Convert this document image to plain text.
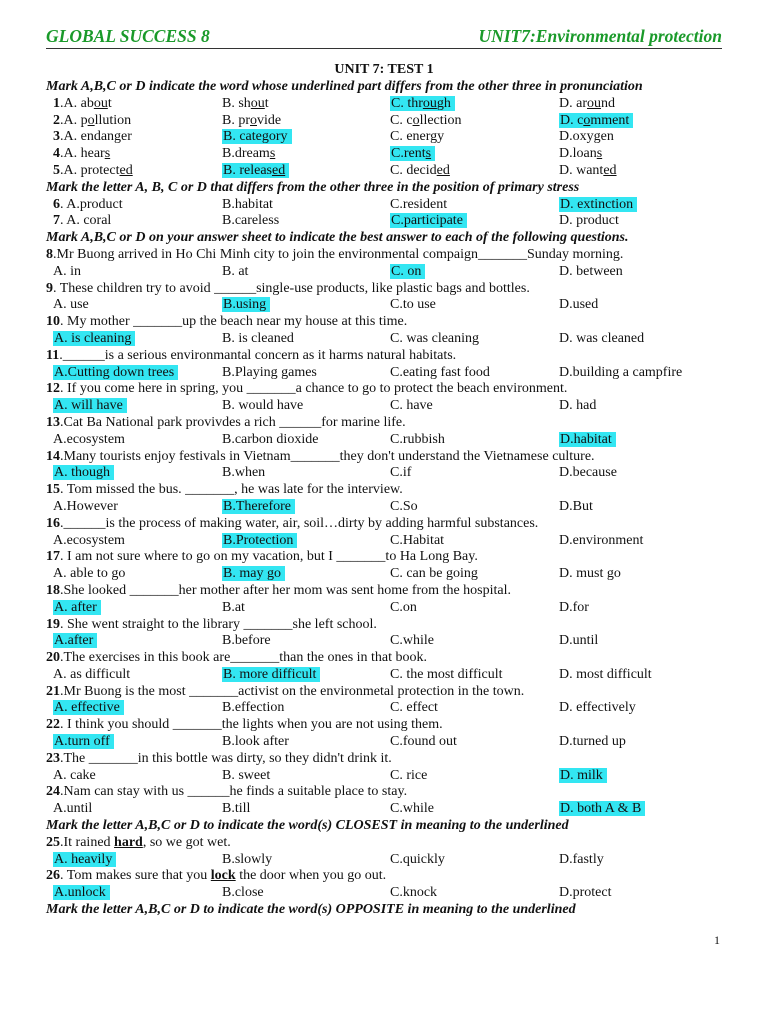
GLOBAL SUCCESS 8	UNIT7:Environmental protection
UNIT 7: TEST 1
Mark A,B,C or D indicate the word whose underlined part differs from the other three in pronunciation
1.A. about	B. shout	C. through	D. around
2.A. pollution	B. provide	C. collection	D. comment
3.A. endanger	B. category	C. energy	D.oxygen
4.A. hears	B.dreams	C.rents	D.loans
5.A. protected	B. released	C. decided	D. wanted
Mark the letter A, B, C or D that differs from the other three in the position of primary stress
6. A.product	B.habitat	C.resident	D. extinction
7. A. coral	B.careless	C.participate	D. product
Mark A,B,C or D on your answer sheet to indicate the best answer to each of the following questions.
8.Mr Buong arrived in Ho Chi Minh city to join the environmental compaign_______Sunday morning.
A. in	B. at	C. on	D. between
9. These children try to avoid ______single-use products, like plastic bags and bottles.
A. use	B.using	C.to use	D.used
10. My mother _______up the beach near my house at this time.
A. is cleaning	B. is cleaned	C. was cleaning	D. was cleaned
11.______is a serious environmantal concern as it harms natural habitats.
A.Cutting down trees	B.Playing games	C.eating fast food	D.building a campfire
12. If you come here in spring, you _______a chance to go to protect the beach environment.
A. will have	B. would have	C. have	D. had
13.Cat Ba National park provivdes a rich ______for marine life.
A.ecosystem	B.carbon dioxide	C.rubbish	D.habitat
14.Many tourists enjoy festivals in Vietnam_______they don't understand the Vietnamese culture.
A. though	B.when	C.if	D.because
15. Tom missed the bus. _______, he was late for the interview.
A.However	B.Therefore	C.So	D.But
16.______is the process of making water, air, soil…dirty by adding harmful substances.
A.ecosystem	B.Protection	C.Habitat	D.environment
17. I am not sure where to go on my vacation, but I _______to Ha Long Bay.
A. able to go	B. may go	C. can be going	D. must go
18.She looked _______her mother after her mom was sent home from the hospital.
A. after	B.at	C.on	D.for
19. She went straight to the library _______she left school.
A.after	B.before	C.while	D.until
20.The exercises in this book are_______than the ones in that book.
A. as difficult	B. more difficult	C. the most difficult	D. most difficult
21.Mr Buong is the most _______activist on the environmetal protection in the town.
A. effective	B.effection	C. effect	D. effectively
22. I think you should _______the lights when you are not using them.
A.turn off	B.look after	C.found out	D.turned up
23.The _______in this bottle was dirty, so they didn't drink it.
A. cake	B. sweet	C. rice	D. milk
24.Nam can stay with us ______he finds a suitable place to stay.
A.until	B.till	C.while	D. both A & B
Mark the letter A,B,C or D to indicate the word(s) CLOSEST in meaning to the underlined
25.It rained hard, so we got wet.
A. heavily	B.slowly	C.quickly	D.fastly
26. Tom makes sure that you lock the door when you go out.
A.unlock	B.close	C.knock	D.protect
Mark the letter A,B,C or D to indicate the word(s) OPPOSITE in meaning to the underlined
1
